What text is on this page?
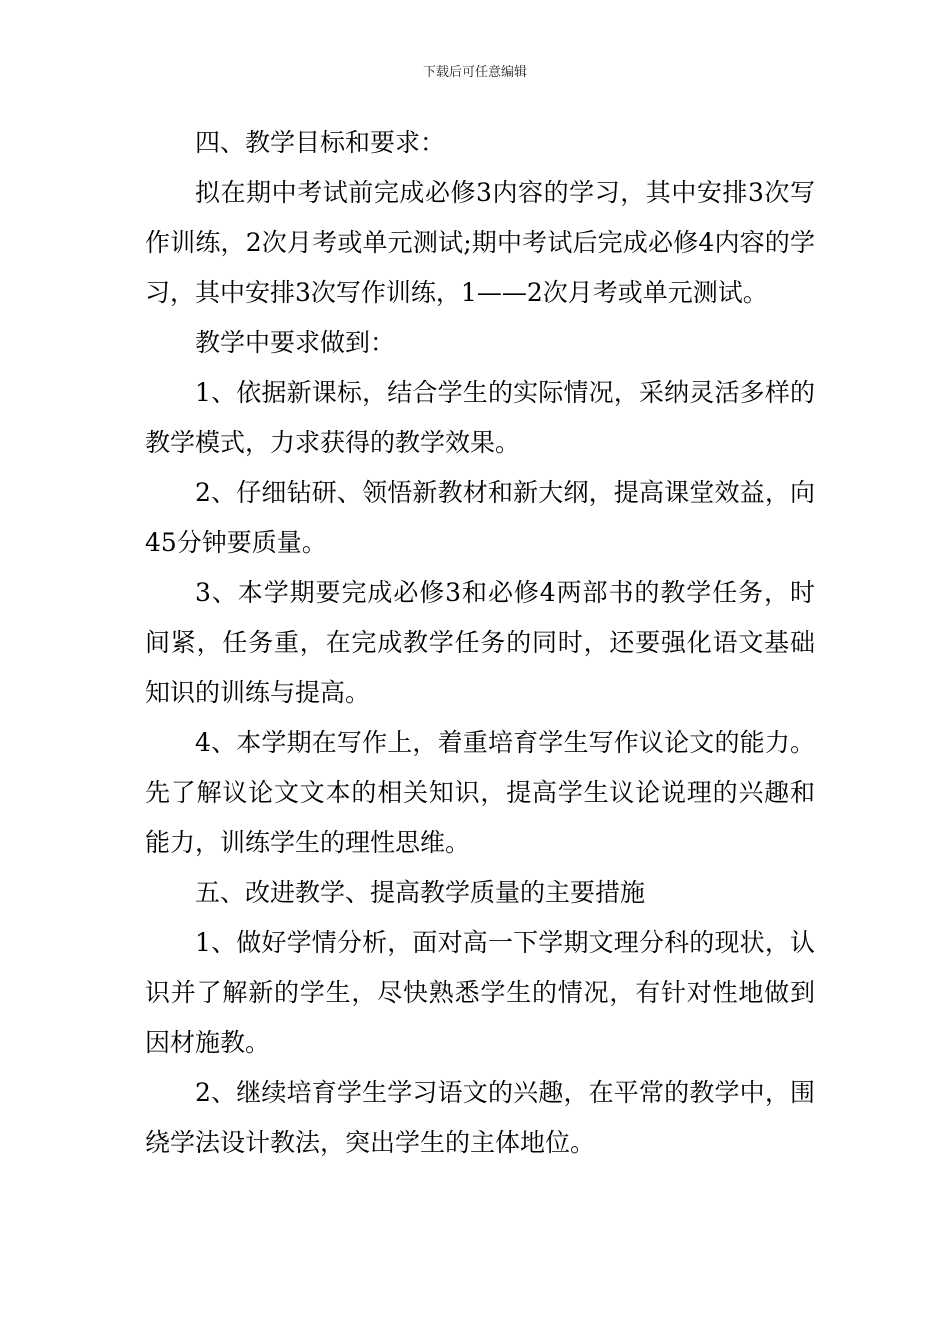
下载后可任意编辑

四、教学目标和要求：

拟在期中考试前完成必修3内容的学习，其中安排3次写作训练，2次月考或单元测试;期中考试后完成必修4内容的学习，其中安排3次写作训练，1——2次月考或单元测试。

教学中要求做到：

1、依据新课标，结合学生的实际情况，采纳灵活多样的教学模式，力求获得的教学效果。

2、仔细钻研、领悟新教材和新大纲，提高课堂效益，向45分钟要质量。

3、本学期要完成必修3和必修4两部书的教学任务，时间紧，任务重，在完成教学任务的同时，还要强化语文基础知识的训练与提高。

4、本学期在写作上，着重培育学生写作议论文的能力。先了解议论文文本的相关知识，提高学生议论说理的兴趣和能力，训练学生的理性思维。

五、改进教学、提高教学质量的主要措施

1、做好学情分析，面对高一下学期文理分科的现状，认识并了解新的学生，尽快熟悉学生的情况，有针对性地做到因材施教。

2、继续培育学生学习语文的兴趣，在平常的教学中，围绕学法设计教法，突出学生的主体地位。
